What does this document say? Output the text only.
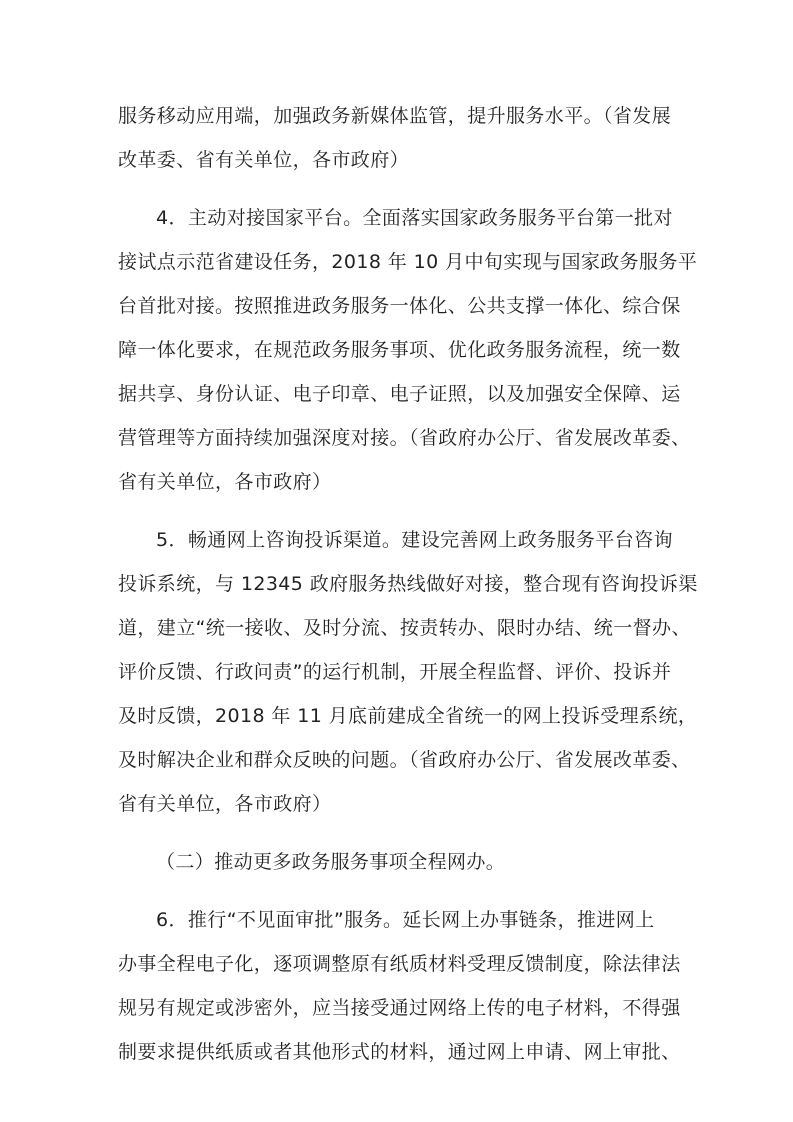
服务移动应用端，加强政务新媒体监管，提升服务水平。（省发展
改革委、省有关单位，各市政府）
4．主动对接国家平台。全面落实国家政务服务平台第一批对
接试点示范省建设任务，2018 年 10 月中旬实现与国家政务服务平
台首批对接。按照推进政务服务一体化、公共支撑一体化、综合保
障一体化要求，在规范政务服务事项、优化政务服务流程，统一数
据共享、身份认证、电子印章、电子证照，以及加强安全保障、运
营管理等方面持续加强深度对接。（省政府办公厅、省发展改革委、
省有关单位，各市政府）
5．畅通网上咨询投诉渠道。建设完善网上政务服务平台咨询
投诉系统，与 12345 政府服务热线做好对接，整合现有咨询投诉渠
道，建立“统一接收、及时分流、按责转办、限时办结、统一督办、
评价反馈、行政问责”的运行机制，开展全程监督、评价、投诉并
及时反馈，2018 年 11 月底前建成全省统一的网上投诉受理系统，
及时解决企业和群众反映的问题。（省政府办公厅、省发展改革委、
省有关单位，各市政府）
（二）推动更多政务服务事项全程网办。
6．推行“不见面审批”服务。延长网上办事链条，推进网上
办事全程电子化，逐项调整原有纸质材料受理反馈制度，除法律法
规另有规定或涉密外，应当接受通过网络上传的电子材料，不得强
制要求提供纸质或者其他形式的材料，通过网上申请、网上审批、
